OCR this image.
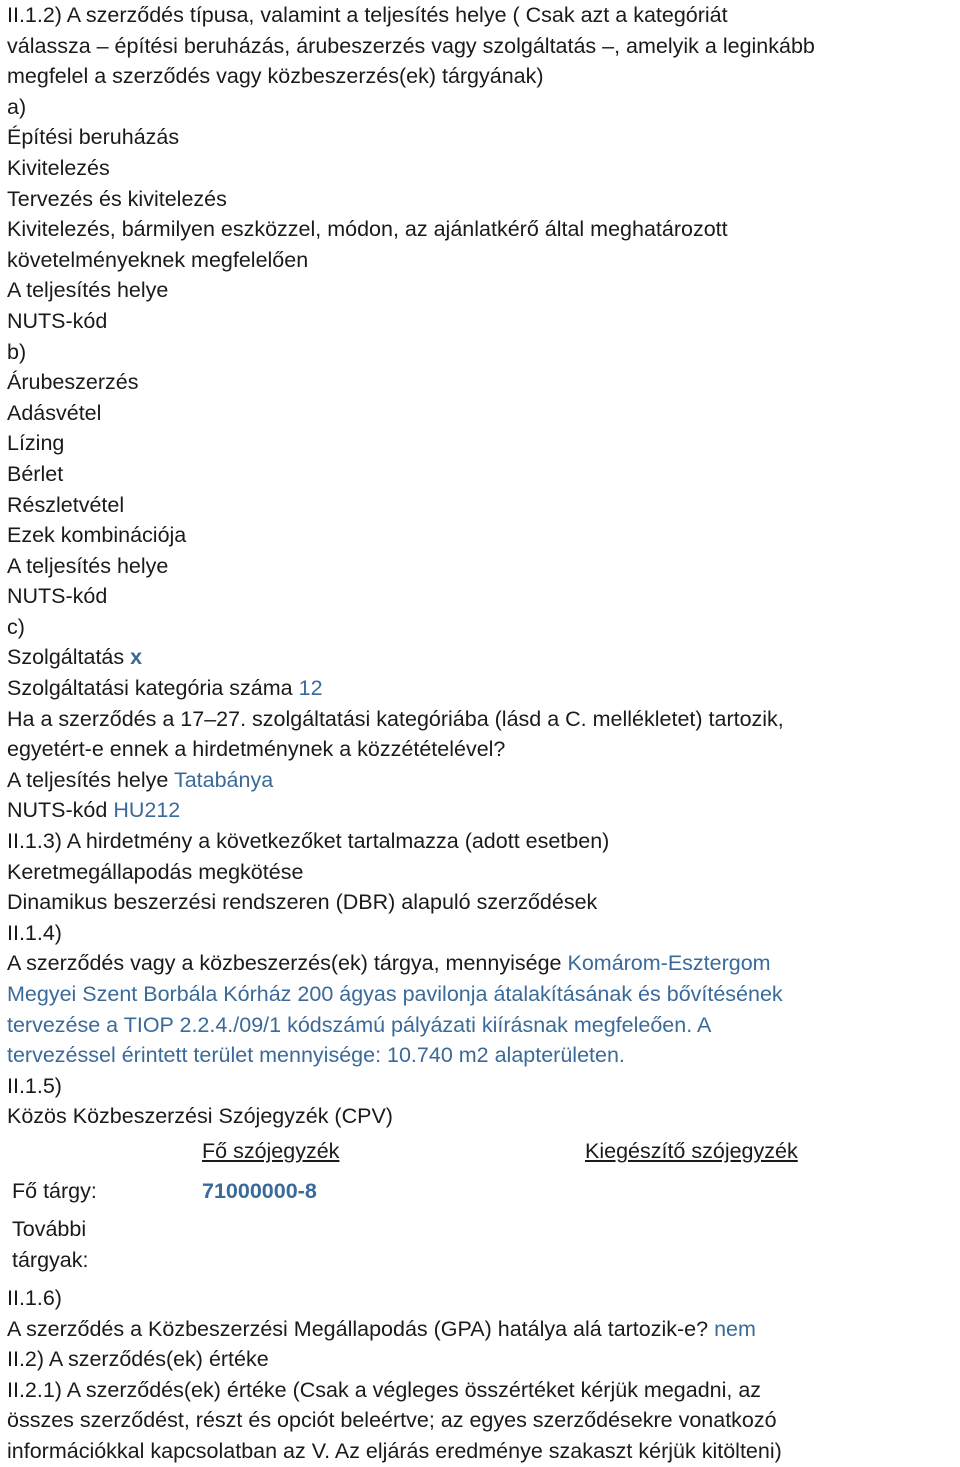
II.1.2) A szerződés típusa, valamint a teljesítés helye ( Csak azt a kategóriát
válassza – építési beruházás, árubeszerzés vagy szolgáltatás –, amelyik a leginkább
megfelel a szerződés vagy közbeszerzés(ek) tárgyának)
a)
Építési beruházás
Kivitelezés
Tervezés és kivitelezés
Kivitelezés, bármilyen eszközzel, módon, az ajánlatkérő által meghatározott
követelményeknek megfelelően
A teljesítés helye
NUTS-kód
b)
Árubeszerzés
Adásvétel
Lízing
Bérlet
Részletvétel
Ezek kombinációja
A teljesítés helye
NUTS-kód
c)
Szolgáltatás x
Szolgáltatási kategória száma 12
Ha a szerződés a 17–27. szolgáltatási kategóriába (lásd a C. mellékletet) tartozik,
egyetért-e ennek a hirdetménynek a közzétételével?
A teljesítés helye Tatabánya
NUTS-kód HU212
II.1.3) A hirdetmény a következőket tartalmazza (adott esetben)
Keretmegállapodás megkötése
Dinamikus beszerzési rendszeren (DBR) alapuló szerződések
II.1.4)
A szerződés vagy a közbeszerzés(ek) tárgya, mennyisége Komárom-Esztergom
Megyei Szent Borbála Kórház 200 ágyas pavilonja átalakításának és bővítésének
tervezése a TIOP 2.2.4./09/1 kódszámú pályázati kiírásnak megfeleően. A
tervezéssel érintett terület mennyisége: 10.740 m2 alapterületen.
II.1.5)
Közös Közbeszerzési Szójegyzék (CPV)
Fő szójegyzék	Kiegészítő szójegyzék
Fő tárgy:	71000000-8
További tárgyak:
II.1.6)
A szerződés a Közbeszerzési Megállapodás (GPA) hatálya alá tartozik-e? nem
II.2) A szerződés(ek) értéke
II.2.1) A szerződés(ek) értéke (Csak a végleges összértéket kérjük megadni, az
összes szerződést, részt és opciót beleértve; az egyes szerződésekre vonatkozó
információkkal kapcsolatban az V. Az eljárás eredménye szakaszt kérjük kitölteni)
